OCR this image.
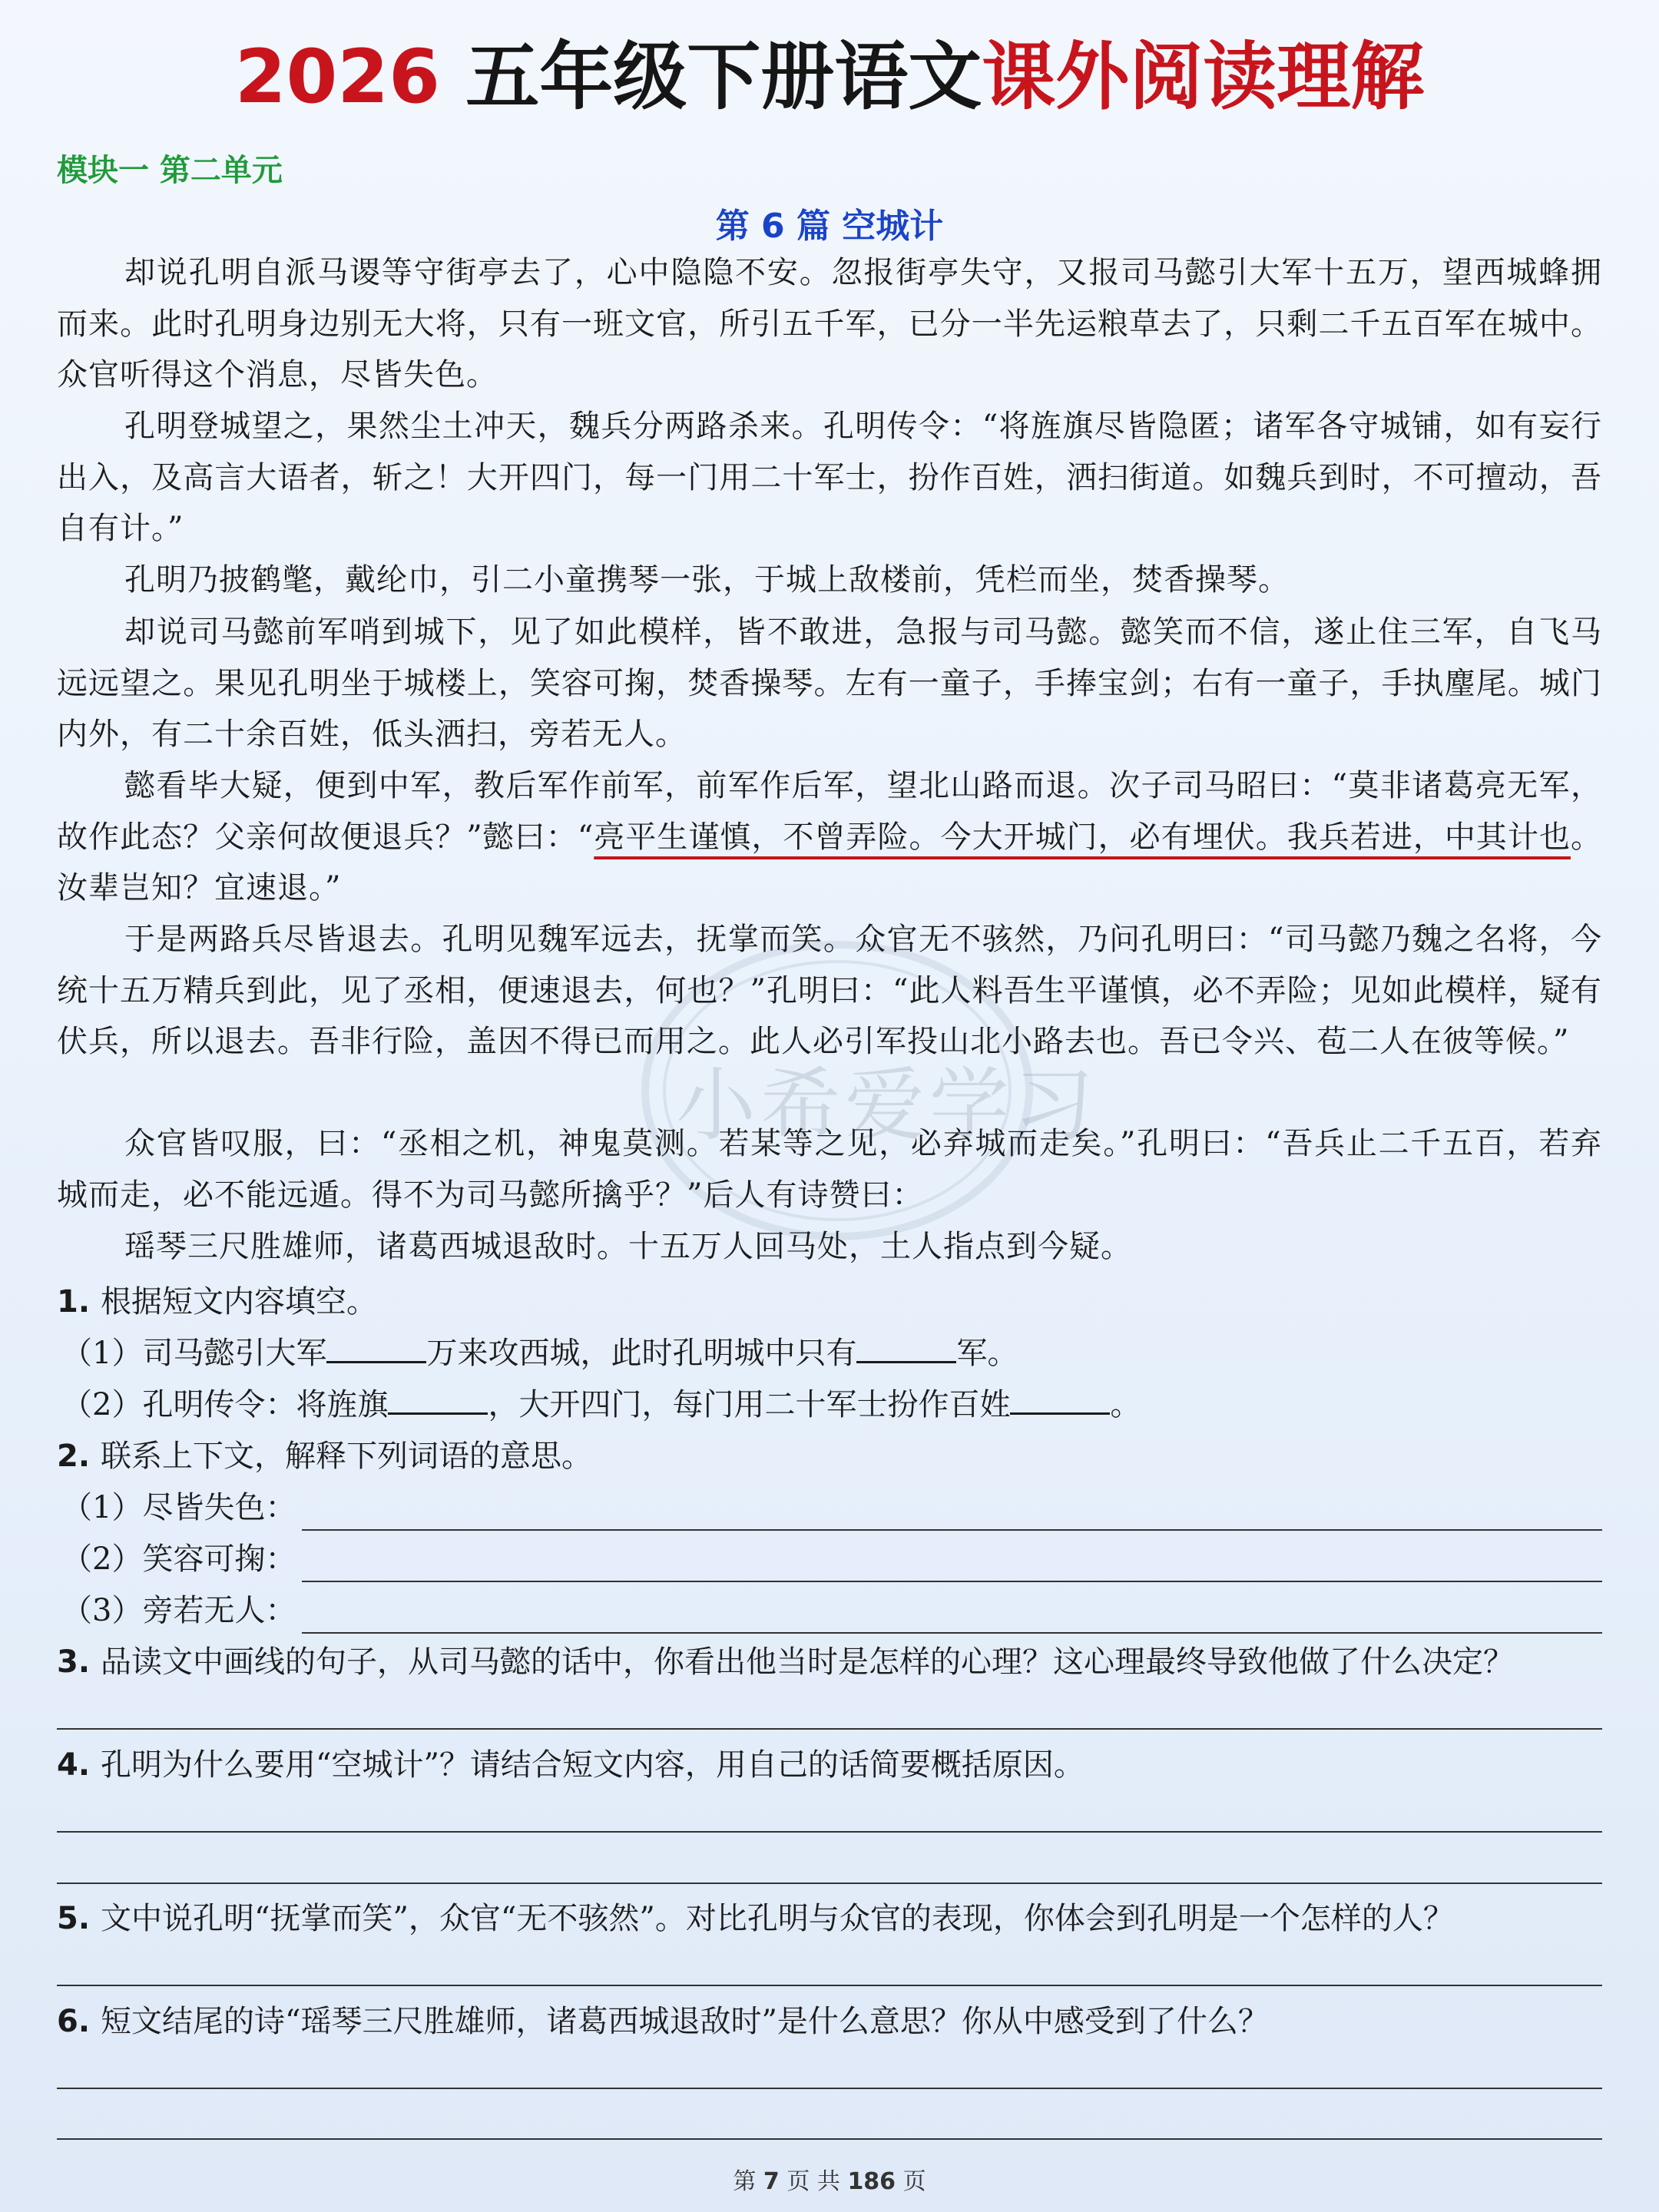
2026 五年级下册语文课外阅读理解
模块一 第二单元
第 6 篇 空城计
小希爱学习
却说孔明自派马谡等守街亭去了，心中隐隐不安。忽报街亭失守，又报司马懿引大军十五万，望西城蜂拥而来。此时孔明身边别无大将，只有一班文官，所引五千军，已分一半先运粮草去了，只剩二千五百军在城中。众官听得这个消息，尽皆失色。
孔明登城望之，果然尘土冲天，魏兵分两路杀来。孔明传令：“将旌旗尽皆隐匿；诸军各守城铺，如有妄行出入，及高言大语者，斩之！大开四门，每一门用二十军士，扮作百姓，洒扫街道。如魏兵到时，不可擅动，吾自有计。”
孔明乃披鹤氅，戴纶巾，引二小童携琴一张，于城上敌楼前，凭栏而坐，焚香操琴。
却说司马懿前军哨到城下，见了如此模样，皆不敢进，急报与司马懿。懿笑而不信，遂止住三军，自飞马远远望之。果见孔明坐于城楼上，笑容可掬，焚香操琴。左有一童子，手捧宝剑；右有一童子，手执麈尾。城门内外，有二十余百姓，低头洒扫，旁若无人。
懿看毕大疑，便到中军，教后军作前军，前军作后军，望北山路而退。次子司马昭曰：“莫非诸葛亮无军，故作此态？父亲何故便退兵？”懿曰：“亮平生谨慎，不曾弄险。今大开城门，必有埋伏。我兵若进，中其计也。汝辈岂知？宜速退。”
于是两路兵尽皆退去。孔明见魏军远去，抚掌而笑。众官无不骇然，乃问孔明曰：“司马懿乃魏之名将，今统十五万精兵到此，见了丞相，便速退去，何也？”孔明曰：“此人料吾生平谨慎，必不弄险；见如此模样，疑有伏兵，所以退去。吾非行险，盖因不得已而用之。此人必引军投山北小路去也。吾已令兴、苞二人在彼等候。”
众官皆叹服，曰：“丞相之机，神鬼莫测。若某等之见，必弃城而走矣。”孔明曰：“吾兵止二千五百，若弃城而走，必不能远遁。得不为司马懿所擒乎？”后人有诗赞曰：
瑶琴三尺胜雄师，诸葛西城退敌时。十五万人回马处，土人指点到今疑。
1. 根据短文内容填空。
（1）司马懿引大军	万来攻西城，此时孔明城中只有	军。
（2）孔明传令：将旌旗	，大开四门，每门用二十军士扮作百姓	。
2. 联系上下文，解释下列词语的意思。
（1）尽皆失色：
（2）笑容可掬：
（3）旁若无人：
3. 品读文中画线的句子，从司马懿的话中，你看出他当时是怎样的心理？这心理最终导致他做了什么决定？
4. 孔明为什么要用“空城计”？请结合短文内容，用自己的话简要概括原因。
5. 文中说孔明“抚掌而笑”，众官“无不骇然”。对比孔明与众官的表现，你体会到孔明是一个怎样的人？
6. 短文结尾的诗“瑶琴三尺胜雄师，诸葛西城退敌时”是什么意思？你从中感受到了什么？
第 7 页 共 186 页
